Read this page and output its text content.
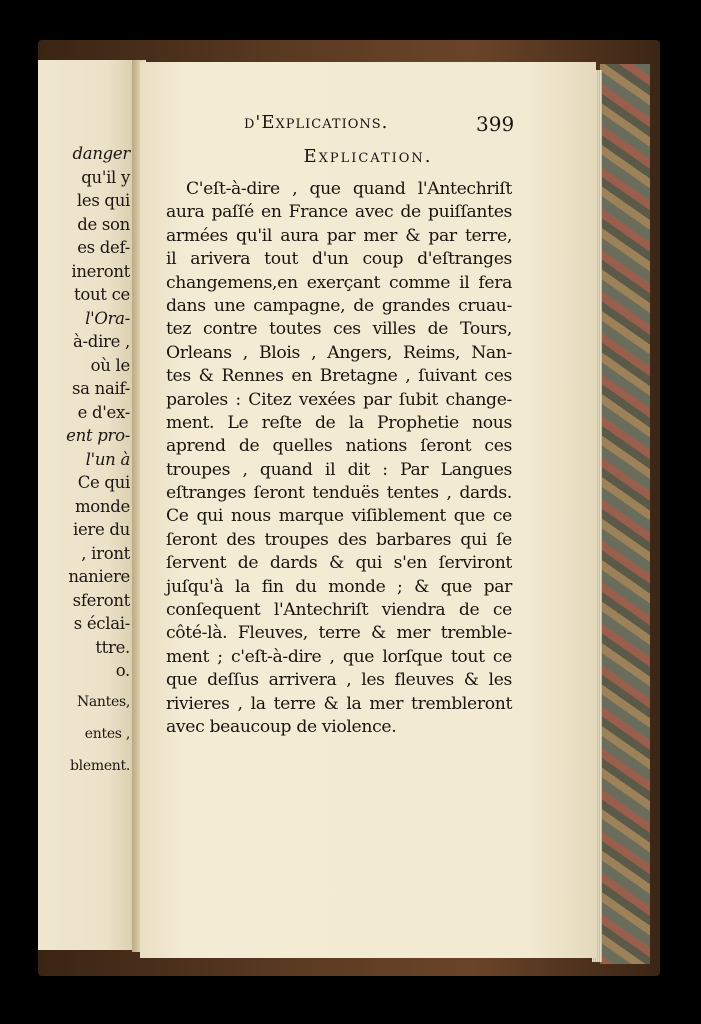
danger
qu'il y
les qui
de son
es def-
ineront
tout ce
l'Ora-
à-dire ,
où le
sa naif-
e d'ex-
ent pro-
l'un à
Ce qui
monde
iere du
, iront
naniere
sferont
s éclai-
ttre.
o.
Nantes,
entes ,
blement.
d'Explications.	399
Explication.
C'eſt-à-dire , que quand l'Antechriſt
aura paſſé en France avec de puiſſantes
armées qu'il aura par mer & par terre,
il arivera tout d'un coup d'eſtranges
changemens,en exerçant comme il fera
dans une campagne, de grandes cruau-
tez contre toutes ces villes de Tours,
Orleans , Blois , Angers, Reims, Nan-
tes & Rennes en Bretagne , ſuivant ces
paroles : Citez vexées par ſubit change-
ment. Le reſte de la Prophetie nous
aprend de quelles nations ſeront ces
troupes , quand il dit : Par Langues
eſtranges ſeront tenduës tentes , dards.
Ce qui nous marque viſiblement que ce
ſeront des troupes des barbares qui ſe
ſervent de dards & qui s'en ſerviront
juſqu'à la fin du monde ; & que par
conſequent l'Antechriſt viendra de ce
côté-là. Fleuves, terre & mer tremble-
ment ; c'eſt-à-dire , que lorſque tout ce
que deſſus arrivera , les fleuves & les
rivieres , la terre & la mer trembleront
avec beaucoup de violence.
